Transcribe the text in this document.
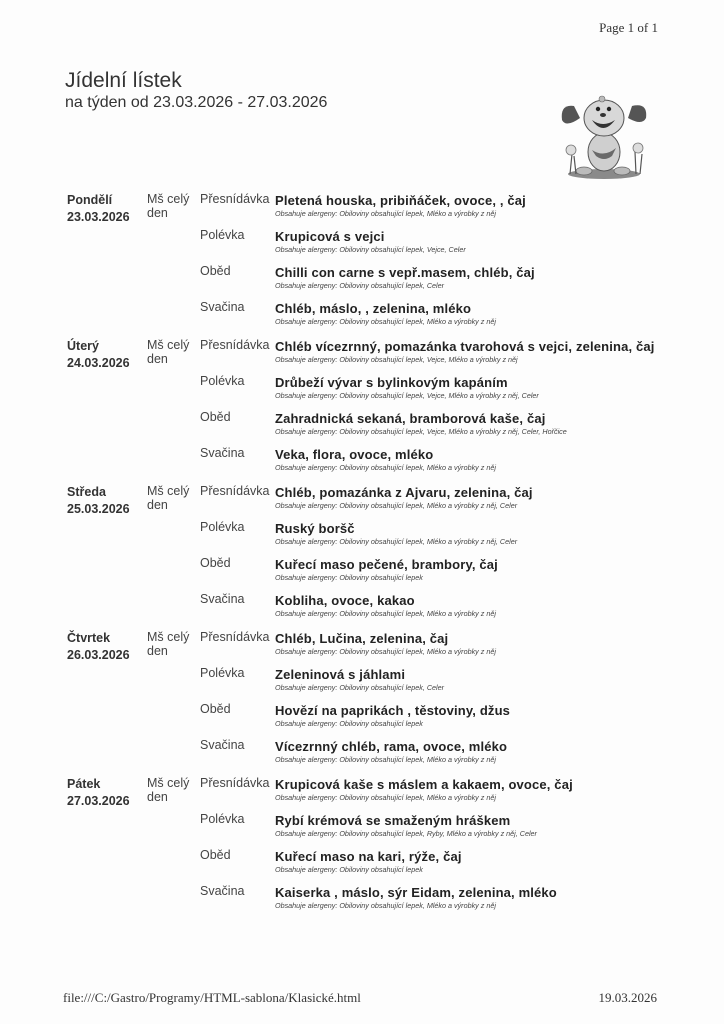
Page 1 of 1
Jídelní lístek
na týden od 23.03.2026 - 27.03.2026
Pondělí
23.03.2026
Mš celý den
Přesnídávka Pletená houska, pribiňáček, ovoce, , čaj
Obsahuje alergeny: Obiloviny obsahující lepek, Mléko a výrobky z něj
Polévka	Krupicová s vejci
Obsahuje alergeny: Obiloviny obsahující lepek, Vejce, Celer
Oběd	Chilli con carne s vepř.masem, chléb, čaj
Obsahuje alergeny: Obiloviny obsahující lepek, Celer
Svačina	Chléb, máslo, , zelenina, mléko
Obsahuje alergeny: Obiloviny obsahující lepek, Mléko a výrobky z něj
Úterý
24.03.2026
Mš celý den
Přesnídávka Chléb vícezrnný, pomazánka tvarohová s vejci, zelenina, čaj
Obsahuje alergeny: Obiloviny obsahující lepek, Vejce, Mléko a výrobky z něj
Polévka	Drůbeží vývar s bylinkovým kapáním
Obsahuje alergeny: Obiloviny obsahující lepek, Vejce, Mléko a výrobky z něj, Celer
Oběd	Zahradnická sekaná, bramborová kaše, čaj
Obsahuje alergeny: Obiloviny obsahující lepek, Vejce, Mléko a výrobky z něj, Celer, Hořčice
Svačina	Veka, flora, ovoce, mléko
Obsahuje alergeny: Obiloviny obsahující lepek, Mléko a výrobky z něj
Středa
25.03.2026
Mš celý den
Přesnídávka Chléb, pomazánka z Ajvaru, zelenina, čaj
Obsahuje alergeny: Obiloviny obsahující lepek, Mléko a výrobky z něj, Celer
Polévka	Ruský boršč
Obsahuje alergeny: Obiloviny obsahující lepek, Mléko a výrobky z něj, Celer
Oběd	Kuřecí maso pečené, brambory, čaj
Obsahuje alergeny: Obiloviny obsahující lepek
Svačina	Kobliha, ovoce, kakao
Obsahuje alergeny: Obiloviny obsahující lepek, Mléko a výrobky z něj
Čtvrtek
26.03.2026
Mš celý den
Přesnídávka Chléb, Lučina, zelenina, čaj
Obsahuje alergeny: Obiloviny obsahující lepek, Mléko a výrobky z něj
Polévka	Zeleninová s jáhlami
Obsahuje alergeny: Obiloviny obsahující lepek, Celer
Oběd	Hovězí na paprikách , těstoviny, džus
Obsahuje alergeny: Obiloviny obsahující lepek
Svačina	Vícezrnný chléb, rama, ovoce, mléko
Obsahuje alergeny: Obiloviny obsahující lepek, Mléko a výrobky z něj
Pátek
27.03.2026
Mš celý den
Přesnídávka Krupicová kaše s máslem a kakaem, ovoce, čaj
Obsahuje alergeny: Obiloviny obsahující lepek, Mléko a výrobky z něj
Polévka	Rybí krémová se smaženým hráškem
Obsahuje alergeny: Obiloviny obsahující lepek, Ryby, Mléko a výrobky z něj, Celer
Oběd	Kuřecí maso na kari, rýže, čaj
Obsahuje alergeny: Obiloviny obsahující lepek
Svačina	Kaiserka , máslo, sýr Eidam, zelenina, mléko
Obsahuje alergeny: Obiloviny obsahující lepek, Mléko a výrobky z něj
file:///C:/Gastro/Programy/HTML-sablona/Klasické.html	19.03.2026
